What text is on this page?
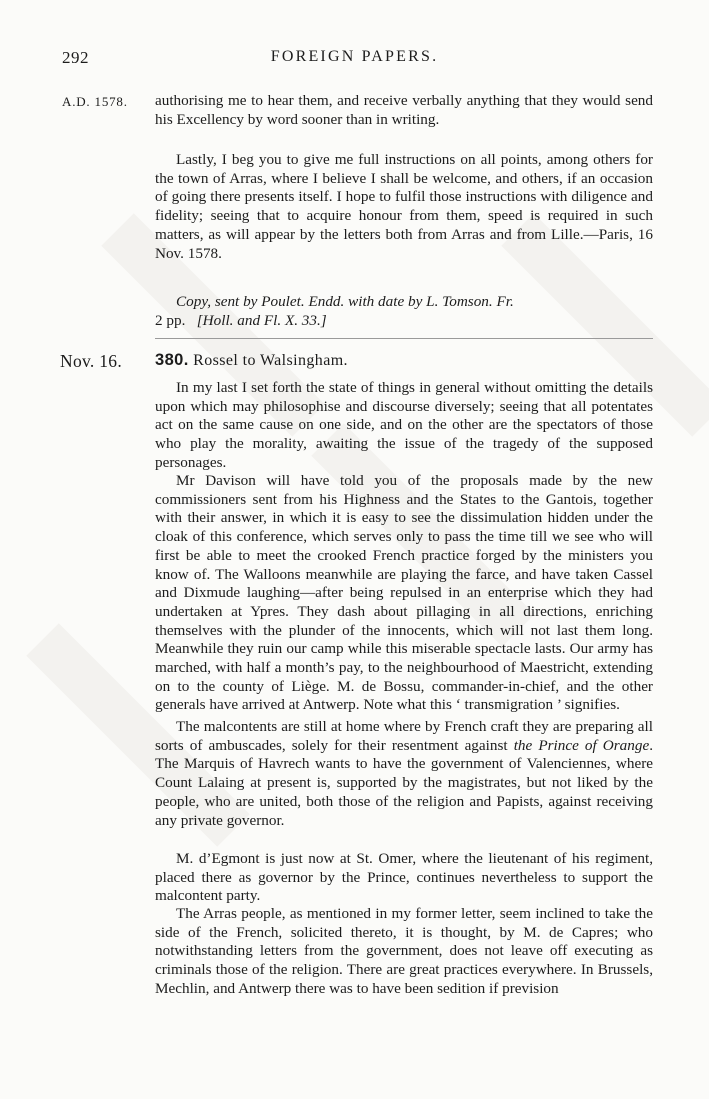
292	FOREIGN PAPERS.
A.D. 1578. authorising me to hear them, and receive verbally anything that they would send his Excellency by word sooner than in writing.

Lastly, I beg you to give me full instructions on all points, among others for the town of Arras, where I believe I shall be welcome, and others, if an occasion of going there presents itself. I hope to fulfil those instructions with diligence and fidelity; seeing that to acquire honour from them, speed is required in such matters, as will appear by the letters both from Arras and from Lille.—Paris, 16 Nov. 1578.

Copy, sent by Poulet. Endd. with date by L. Tomson. Fr.
2 pp. [Holl. and Fl. X. 33.]

Nov. 16. 380. Rossel to Walsingham.

In my last I set forth the state of things in general without omitting the details upon which may philosophise and discourse diversely; seeing that all potentates act on the same cause on one side, and on the other are the spectators of those who play the morality, awaiting the issue of the tragedy of the supposed personages.

Mr Davison will have told you of the proposals made by the new commissioners sent from his Highness and the States to the Gantois, together with their answer, in which it is easy to see the dissimulation hidden under the cloak of this conference, which serves only to pass the time till we see who will first be able to meet the crooked French practice forged by the ministers you know of. The Walloons meanwhile are playing the farce, and have taken Cassel and Dixmude laughing—after being repulsed in an enterprise which they had undertaken at Ypres. They dash about pillaging in all directions, enriching themselves with the plunder of the innocents, which will not last them long. Meanwhile they ruin our camp while this miserable spectacle lasts. Our army has marched, with half a month’s pay, to the neighbourhood of Maestricht, extending on to the county of Liège. M. de Bossu, commander-in-chief, and the other generals have arrived at Antwerp. Note what this ‘ transmigration ’ signifies.

The malcontents are still at home where by French craft they are preparing all sorts of ambuscades, solely for their resentment against the Prince of Orange. The Marquis of Havrech wants to have the government of Valenciennes, where Count Lalaing at present is, supported by the magistrates, but not liked by the people, who are united, both those of the religion and Papists, against receiving any private governor.

M. d’Egmont is just now at St. Omer, where the lieutenant of his regiment, placed there as governor by the Prince, continues nevertheless to support the malcontent party.

The Arras people, as mentioned in my former letter, seem inclined to take the side of the French, solicited thereto, it is thought, by M. de Capres; who notwithstanding letters from the government, does not leave off executing as criminals those of the religion. There are great practices everywhere. In Brussels, Mechlin, and Antwerp there was to have been sedition if prevision
